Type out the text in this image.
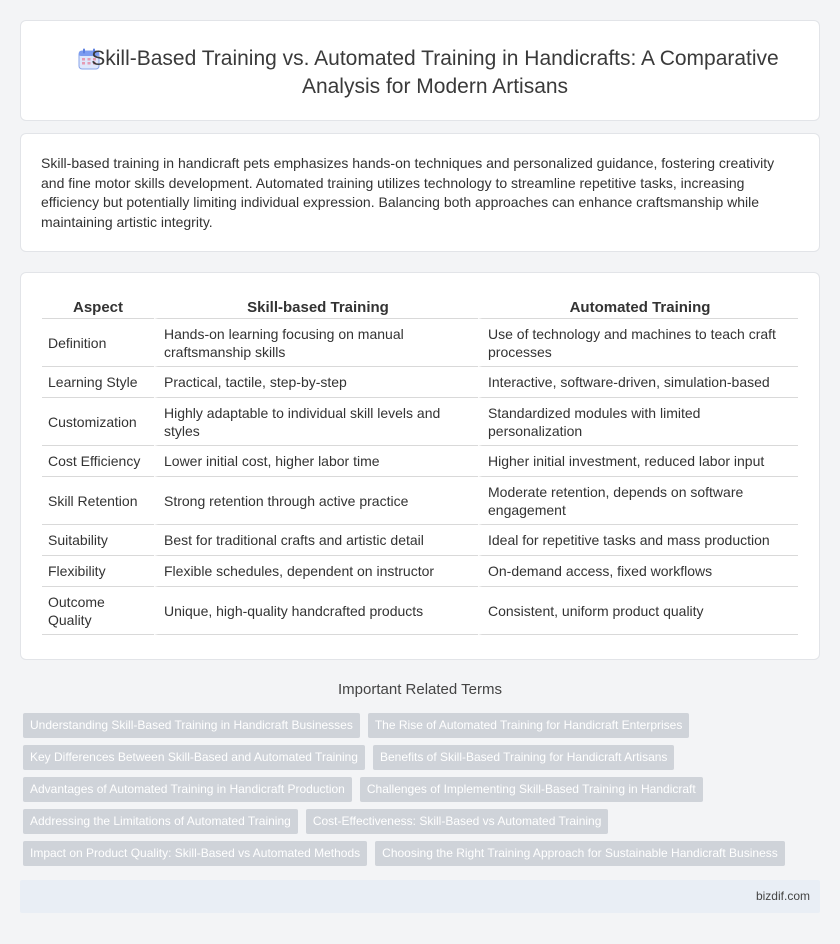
Skill-Based Training vs. Automated Training in Handicrafts: A Comparative Analysis for Modern Artisans

Skill-based training in handicraft pets emphasizes hands-on techniques and personalized guidance, fostering creativity and fine motor skills development. Automated training utilizes technology to streamline repetitive tasks, increasing efficiency but potentially limiting individual expression. Balancing both approaches can enhance craftsmanship while maintaining artistic integrity.

Aspect	Skill-based Training	Automated Training
Definition	Hands-on learning focusing on manual craftsmanship skills	Use of technology and machines to teach craft processes
Learning Style	Practical, tactile, step-by-step	Interactive, software-driven, simulation-based
Customization	Highly adaptable to individual skill levels and styles	Standardized modules with limited personalization
Cost Efficiency	Lower initial cost, higher labor time	Higher initial investment, reduced labor input
Skill Retention	Strong retention through active practice	Moderate retention, depends on software engagement
Suitability	Best for traditional crafts and artistic detail	Ideal for repetitive tasks and mass production
Flexibility	Flexible schedules, dependent on instructor	On-demand access, fixed workflows
Outcome Quality	Unique, high-quality handcrafted products	Consistent, uniform product quality
Important Related Terms
Understanding Skill-Based Training in Handicraft Businesses	The Rise of Automated Training for Handicraft Enterprises
Key Differences Between Skill-Based and Automated Training	Benefits of Skill-Based Training for Handicraft Artisans
Advantages of Automated Training in Handicraft Production	Challenges of Implementing Skill-Based Training in Handicraft
Addressing the Limitations of Automated Training	Cost-Effectiveness: Skill-Based vs Automated Training
Impact on Product Quality: Skill-Based vs Automated Methods	Choosing the Right Training Approach for Sustainable Handicraft Business
bizdif.com
